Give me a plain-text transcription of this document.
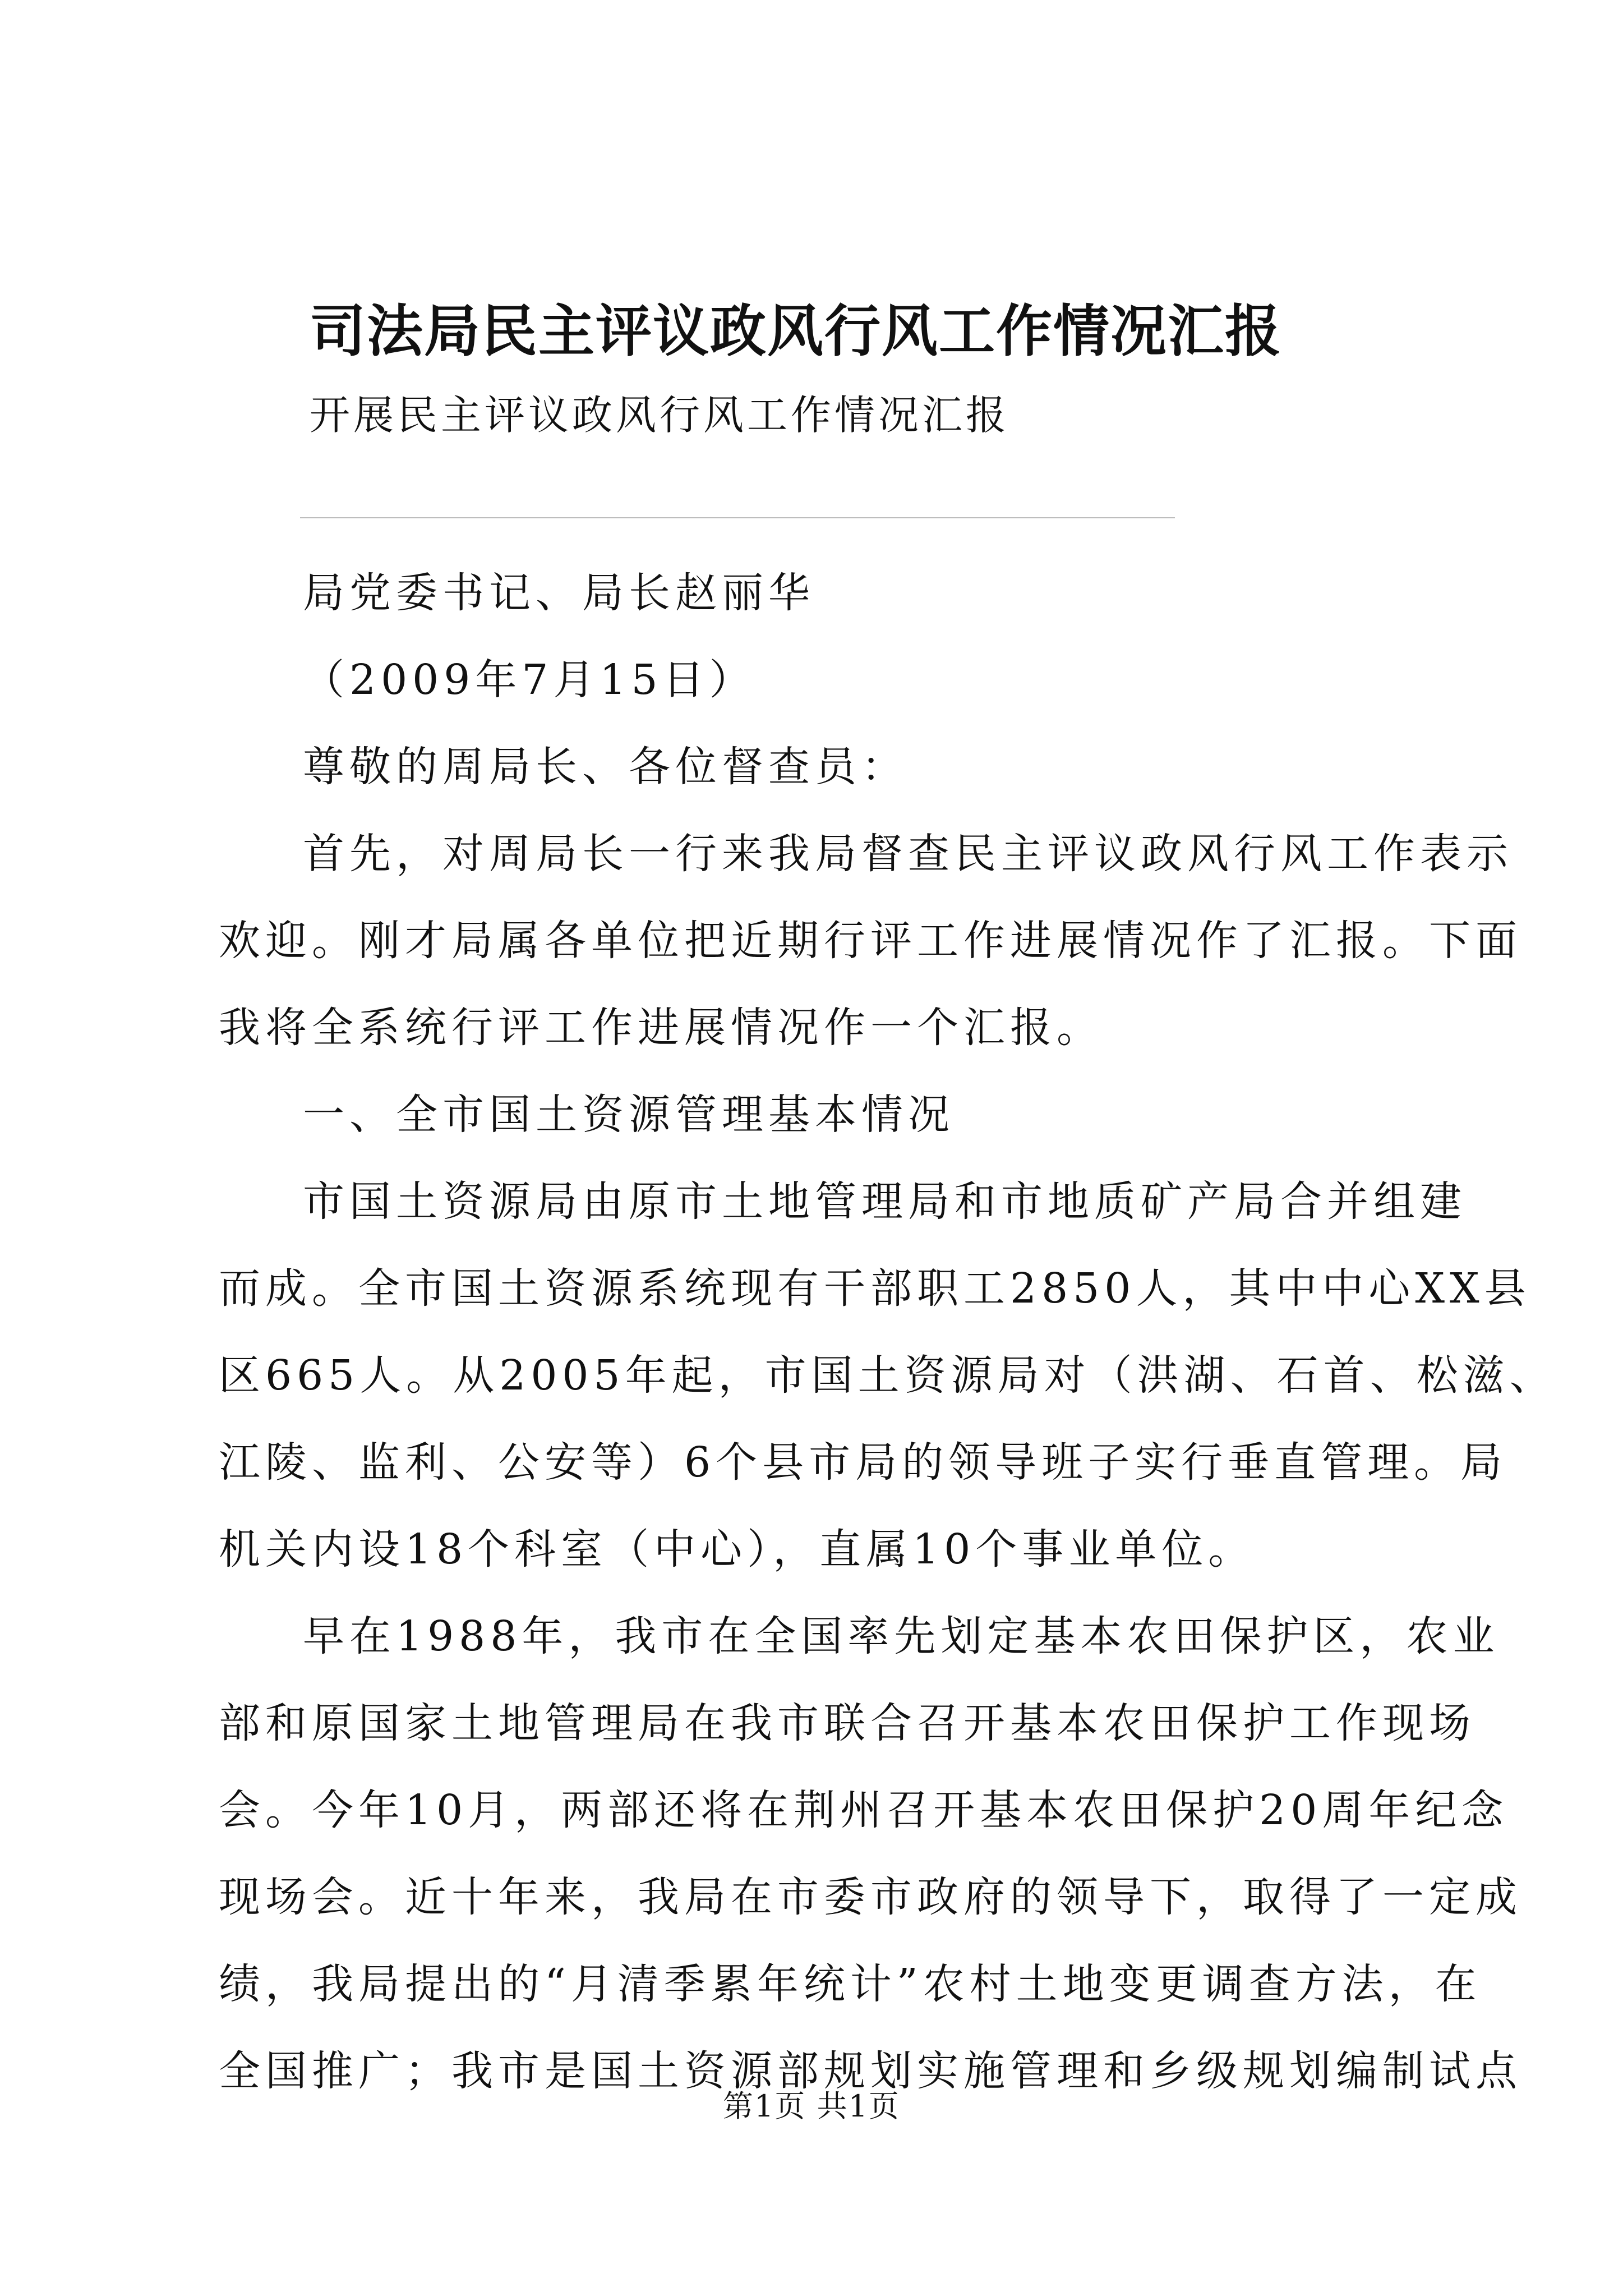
司法局民主评议政风行风工作情况汇报
开展民主评议政风行风工作情况汇报

局党委书记、局长赵丽华

（2009年7月15日）

尊敬的周局长、各位督查员：

首先，对周局长一行来我局督查民主评议政风行风工作表示
欢迎。刚才局属各单位把近期行评工作进展情况作了汇报。下面
我将全系统行评工作进展情况作一个汇报。
一、全市国土资源管理基本情况
市国土资源局由原市土地管理局和市地质矿产局合并组建
而成。全市国土资源系统现有干部职工2850人，其中中心XX县
区665人。从2005年起，市国土资源局对（洪湖、石首、松滋、
江陵、监利、公安等）6个县市局的领导班子实行垂直管理。局
机关内设18个科室（中心），直属10个事业单位。
早在1988年，我市在全国率先划定基本农田保护区，农业
部和原国家土地管理局在我市联合召开基本农田保护工作现场
会。今年10月，两部还将在荆州召开基本农田保护20周年纪念
现场会。近十年来，我局在市委市政府的领导下，取得了一定成
绩，我局提出的“月清季累年统计”农村土地变更调查方法，在
全国推广；我市是国土资源部规划实施管理和乡级规划编制试点
第1页 共1页
